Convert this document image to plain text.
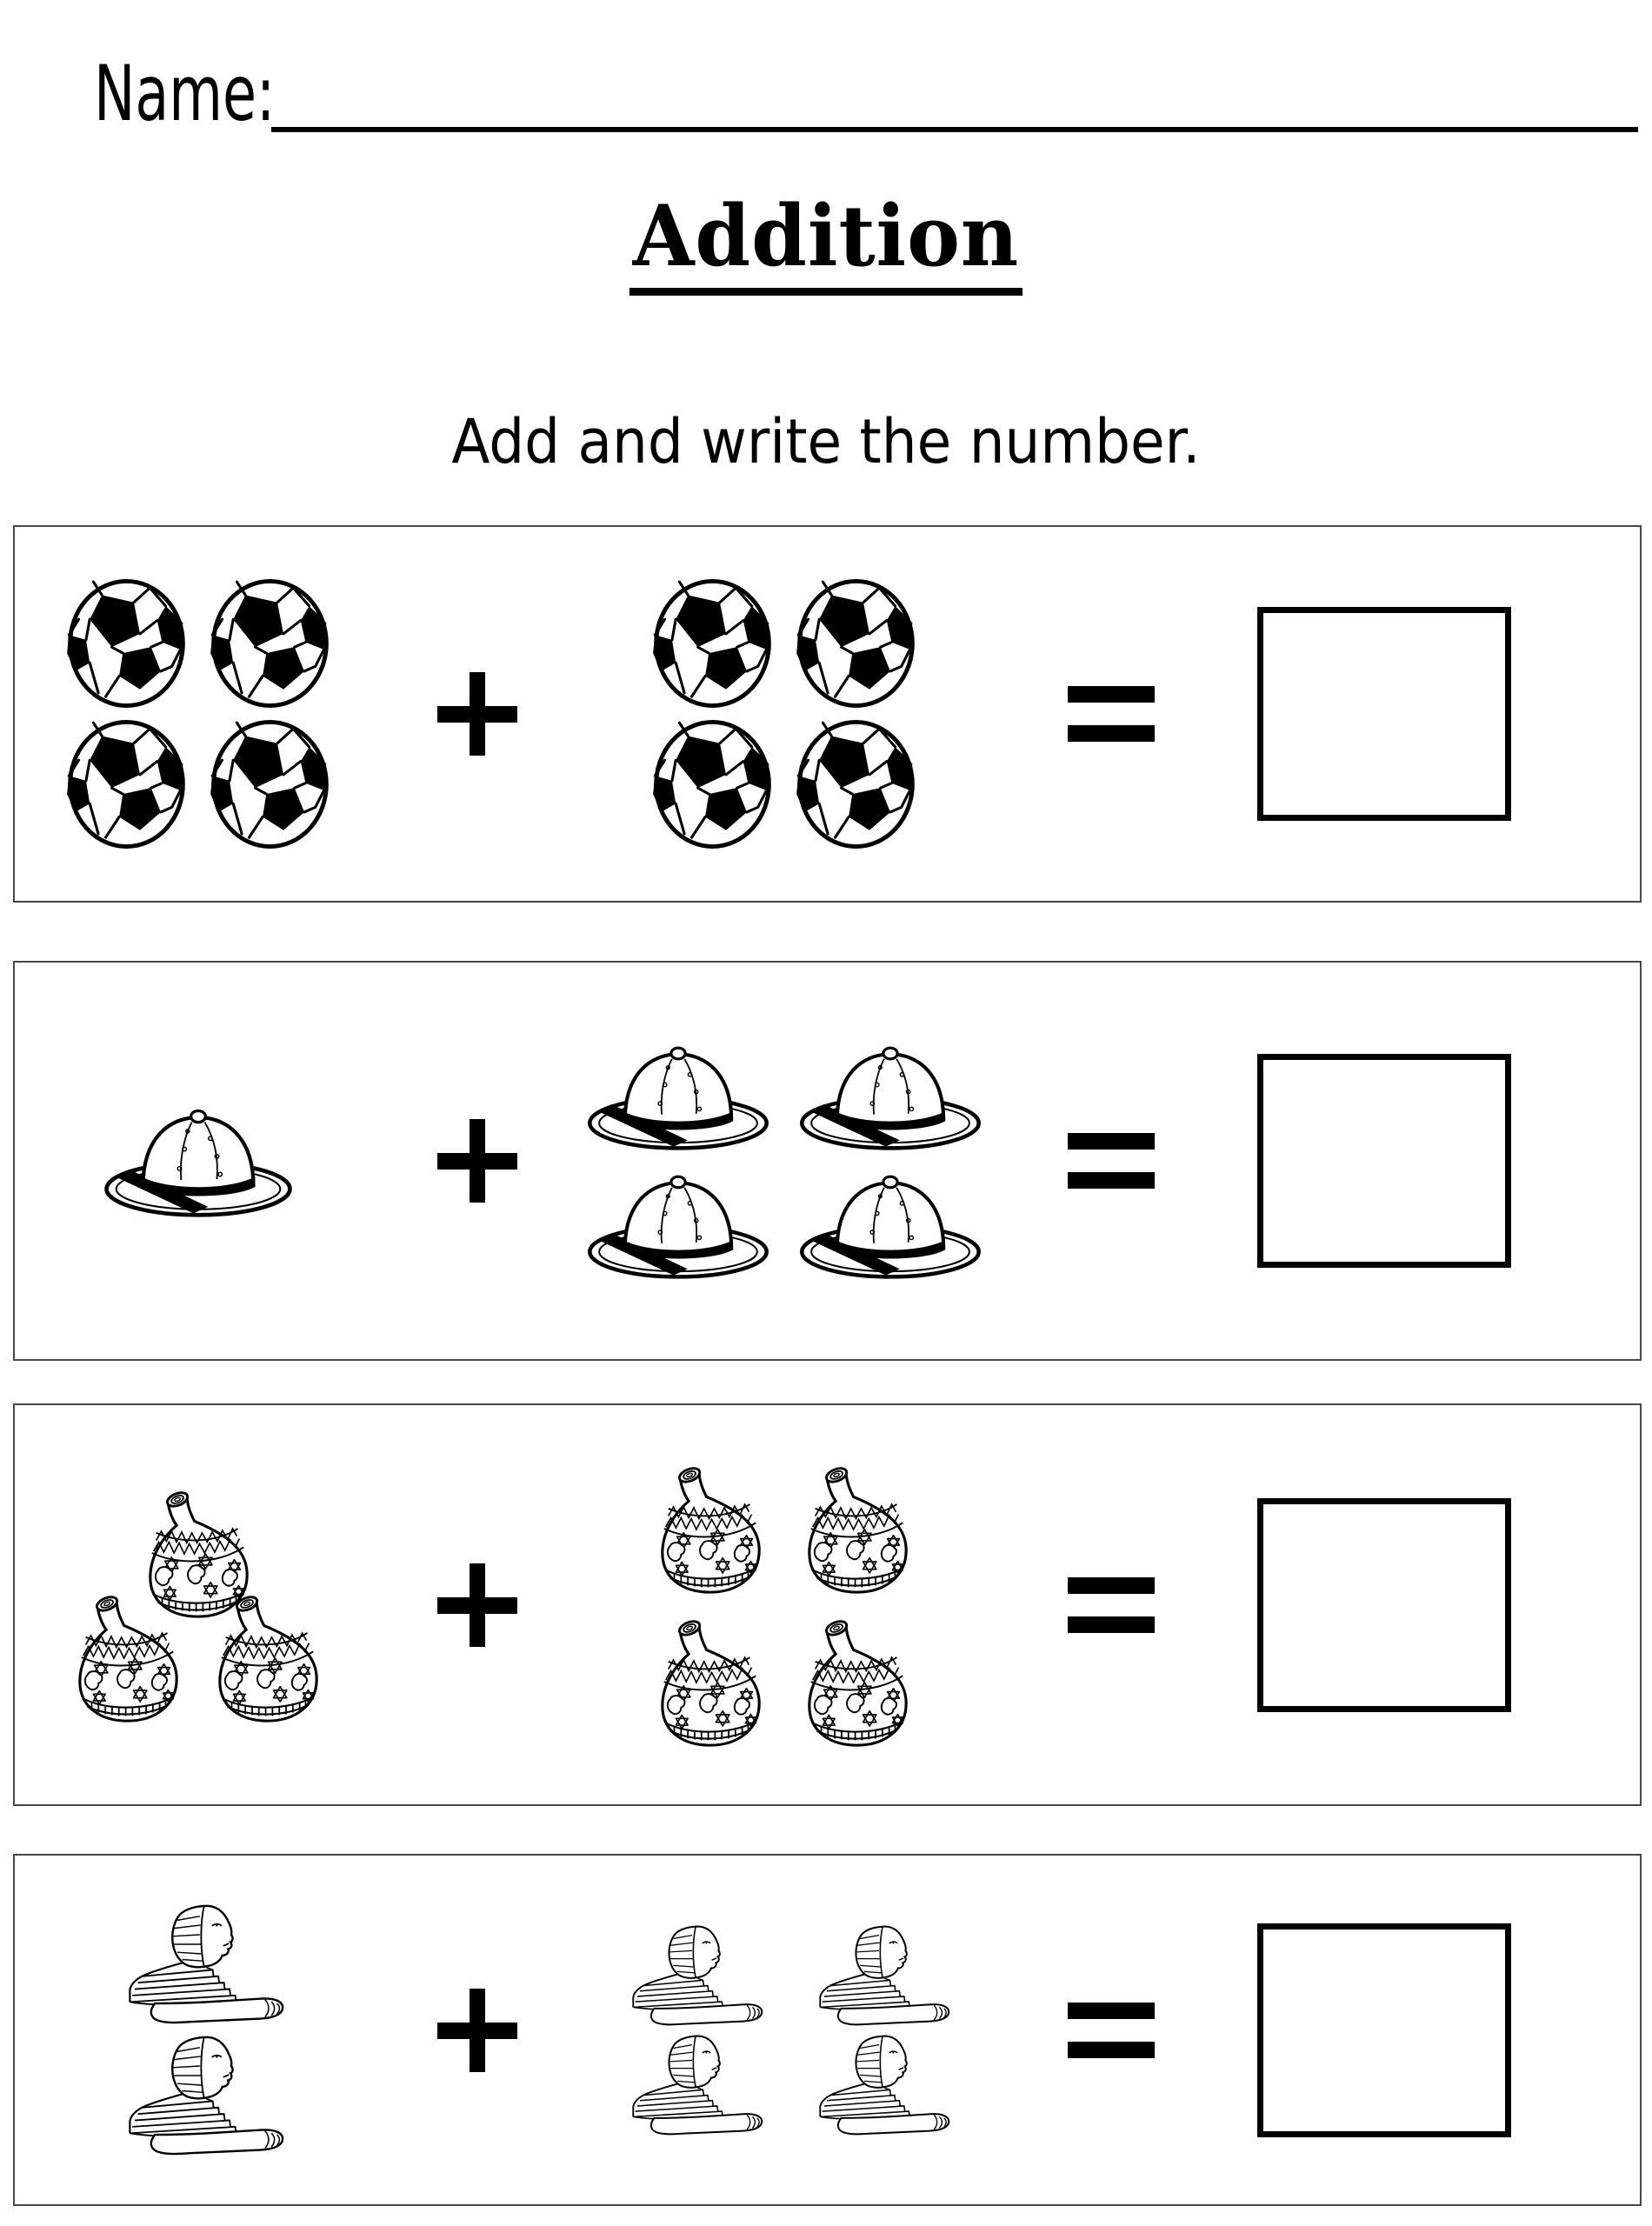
Name:
Addition

Add and write the number.
